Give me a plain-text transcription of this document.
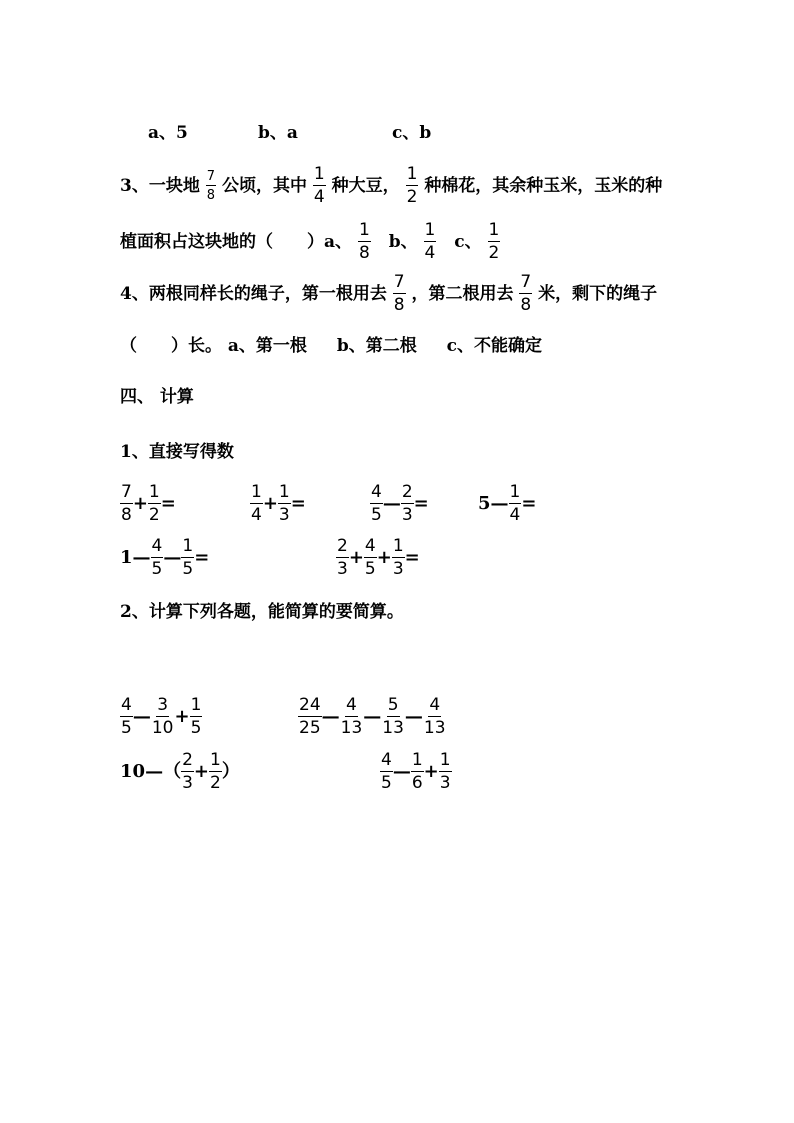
a、5	b、a	c、b
3、一块地 $\frac{7}{8}$ 公顷，其中 $\frac{1}{4}$ 种大豆， $\frac{1}{2}$ 种棉花，其余种玉米，玉米的种
植面积占这块地的（　　）a、 $\frac{1}{8}$ b、 $\frac{1}{4}$ c、 $\frac{1}{2}$
4、两根同样长的绳子，第一根用去 $\frac{7}{8}$ ，第二根用去 $\frac{7}{8}$ 米，剩下的绳子
（　　）长。 a、第一根 b、第二根 c、不能确定
四、 计算
1、直接写得数
$\frac{7}{8} + \frac{1}{2}$ =	$\frac{1}{4} + \frac{1}{3}$ =	$\frac{4}{5}$ — $\frac{2}{3}$ =	5— $\frac{1}{4}$ =
1— $\frac{4}{5}$ — $\frac{1}{5}$ =	$\frac{2}{3} + \frac{4}{5} + \frac{1}{3}$ =
2、计算下列各题，能简算的要简算。
$\frac{4}{5}$ — $\frac{3}{10} + \frac{1}{5}$	$\frac{24}{25}$ — $\frac{4}{13}$ — $\frac{5}{13}$ — $\frac{4}{13}$
10—（ $\frac{2}{3} + \frac{1}{2}$ ）	$\frac{4}{5}$ — $\frac{1}{6} + \frac{1}{3}$
